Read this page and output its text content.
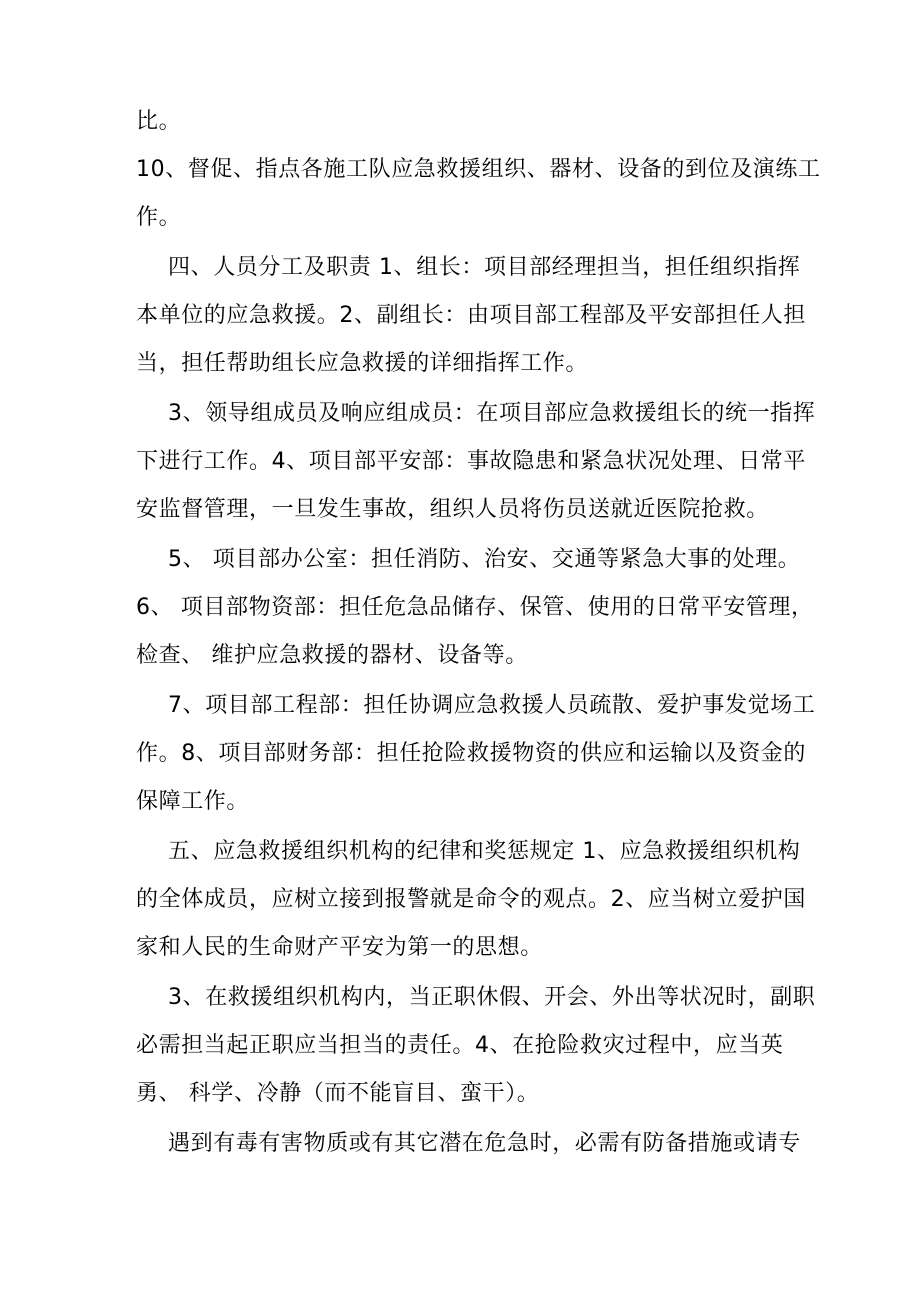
比。
10、督促、指点各施工队应急救援组织、器材、设备的到位及演练工
作。
四、人员分工及职责 1、组长：项目部经理担当，担任组织指挥
本单位的应急救援。2、副组长：由项目部工程部及平安部担任人担
当，担任帮助组长应急救援的详细指挥工作。
3、领导组成员及响应组成员：在项目部应急救援组长的统一指挥
下进行工作。4、项目部平安部：事故隐患和紧急状况处理、日常平
安监督管理，一旦发生事故，组织人员将伤员送就近医院抢救。
5、 项目部办公室：担任消防、治安、交通等紧急大事的处理。
6、 项目部物资部：担任危急品储存、保管、使用的日常平安管理，
检查、 维护应急救援的器材、设备等。
7、项目部工程部：担任协调应急救援人员疏散、爱护事发觉场工
作。8、项目部财务部：担任抢险救援物资的供应和运输以及资金的
保障工作。
五、应急救援组织机构的纪律和奖惩规定 1、应急救援组织机构
的全体成员，应树立接到报警就是命令的观点。2、应当树立爱护国
家和人民的生命财产平安为第一的思想。
3、在救援组织机构内，当正职休假、开会、外出等状况时，副职
必需担当起正职应当担当的责任。4、在抢险救灾过程中，应当英
勇、 科学、冷静（而不能盲目、蛮干）。
遇到有毒有害物质或有其它潜在危急时，必需有防备措施或请专
